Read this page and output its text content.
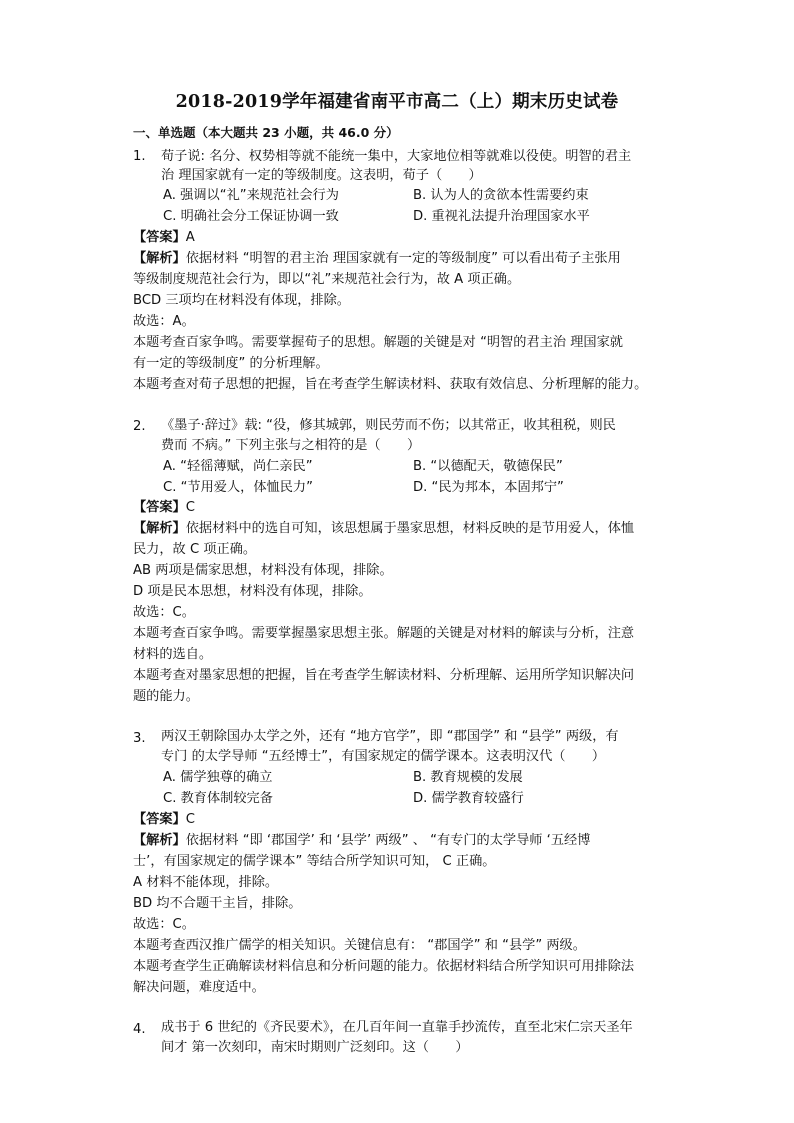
2018-2019学年福建省南平市高二（上）期末历史试卷
一、单选题（本大题共 23 小题，共 46.0 分）
1. 荀子说: 名分、权势相等就不能统一集中，大家地位相等就难以役使。明智的君主
治 理国家就有一定的等级制度。这表明，荀子（　　）
A. 强调以“礼”来规范社会行为	B. 认为人的贪欲本性需要约束
C. 明确社会分工保证协调一致	D. 重视礼法提升治理国家水平
【答案】A
【解析】依据材料 “明智的君主治 理国家就有一定的等级制度” 可以看出荀子主张用
等级制度规范社会行为，即以“礼”来规范社会行为，故 A 项正确。
BCD 三项均在材料没有体现，排除。
故选：A。
本题考查百家争鸣。需要掌握荀子的思想。解题的关键是对 “明智的君主治 理国家就
有一定的等级制度” 的分析理解。
本题考查对荀子思想的把握，旨在考查学生解读材料、获取有效信息、分析理解的能力。
2. 《墨子·辞过》载: “役，修其城郭，则民劳而不伤；以其常正，收其租税，则民
费而 不病。” 下列主张与之相符的是（　　）
A. “轻徭薄赋，尚仁亲民”	B. “以德配天，敬德保民”
C. “节用爱人，体恤民力”	D. “民为邦本，本固邦宁”
【答案】C
【解析】依据材料中的选自可知，该思想属于墨家思想，材料反映的是节用爱人，体恤
民力，故 C 项正确。
AB 两项是儒家思想，材料没有体现，排除。
D 项是民本思想，材料没有体现，排除。
故选：C。
本题考查百家争鸣。需要掌握墨家思想主张。解题的关键是对材料的解读与分析，注意
材料的选自。
本题考查对墨家思想的把握，旨在考查学生解读材料、分析理解、运用所学知识解决问
题的能力。
3. 两汉王朝除国办太学之外，还有 “地方官学”，即 “郡国学” 和 “县学” 两级，有
专门 的太学导师 “五经博士”，有国家规定的儒学课本。这表明汉代（　　）
A. 儒学独尊的确立	B. 教育规模的发展
C. 教育体制较完备	D. 儒学教育较盛行
【答案】C
【解析】依据材料 “即 ‘郡国学’ 和 ‘县学’ 两级” 、 “有专门的太学导师 ‘五经博
士’，有国家规定的儒学课本” 等结合所学知识可知， C 正确。
A 材料不能体现，排除。
BD 均不合题干主旨，排除。
故选：C。
本题考查西汉推广儒学的相关知识。关键信息有： “郡国学” 和 “县学” 两级。
本题考查学生正确解读材料信息和分析问题的能力。依据材料结合所学知识可用排除法
解决问题，难度适中。
4. 成书于 6 世纪的《齐民要术》，在几百年间一直靠手抄流传，直至北宋仁宗天圣年
间才 第一次刻印，南宋时期则广泛刻印。这（　　）
